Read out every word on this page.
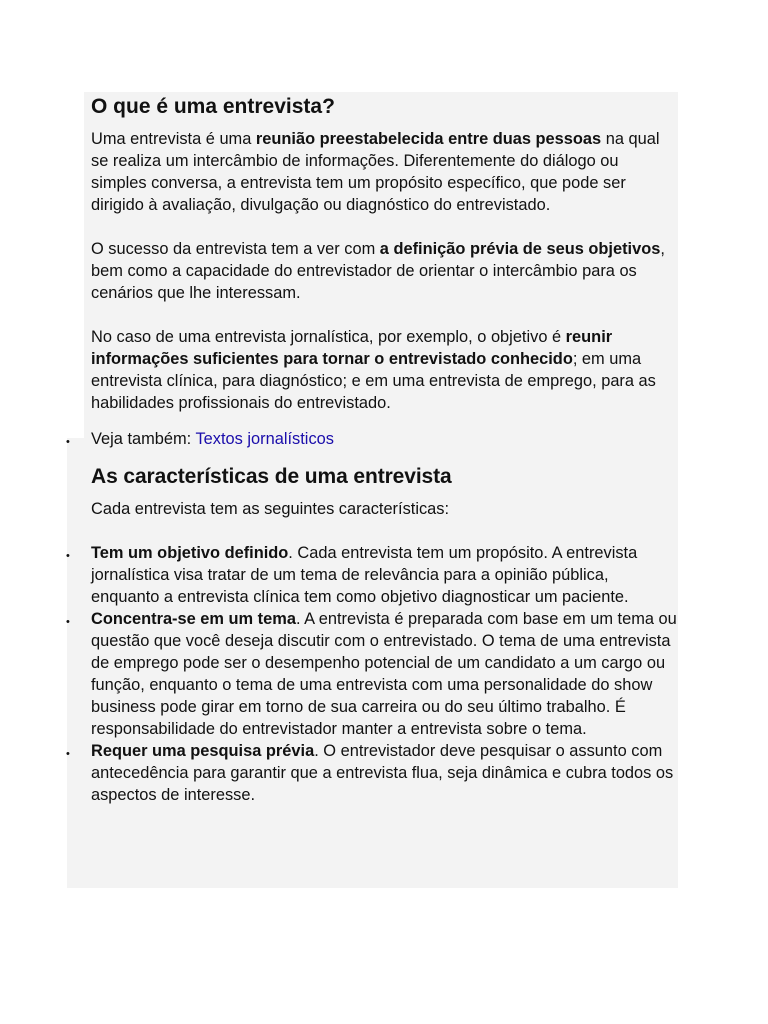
O que é uma entrevista?

Uma entrevista é uma reunião preestabelecida entre duas pessoas na qual se realiza um intercâmbio de informações. Diferentemente do diálogo ou simples conversa, a entrevista tem um propósito específico, que pode ser dirigido à avaliação, divulgação ou diagnóstico do entrevistado.

O sucesso da entrevista tem a ver com a definição prévia de seus objetivos, bem como a capacidade do entrevistador de orientar o intercâmbio para os cenários que lhe interessam.

No caso de uma entrevista jornalística, por exemplo, o objetivo é reunir informações suficientes para tornar o entrevistado conhecido; em uma entrevista clínica, para diagnóstico; e em uma entrevista de emprego, para as habilidades profissionais do entrevistado.

• Veja também: Textos jornalísticos
As características de uma entrevista

Cada entrevista tem as seguintes características:

• Tem um objetivo definido. Cada entrevista tem um propósito. A entrevista jornalística visa tratar de um tema de relevância para a opinião pública, enquanto a entrevista clínica tem como objetivo diagnosticar um paciente.
• Concentra-se em um tema. A entrevista é preparada com base em um tema ou questão que você deseja discutir com o entrevistado. O tema de uma entrevista de emprego pode ser o desempenho potencial de um candidato a um cargo ou função, enquanto o tema de uma entrevista com uma personalidade do show business pode girar em torno de sua carreira ou do seu último trabalho. É responsabilidade do entrevistador manter a entrevista sobre o tema.
• Requer uma pesquisa prévia. O entrevistador deve pesquisar o assunto com antecedência para garantir que a entrevista flua, seja dinâmica e cubra todos os aspectos de interesse.
